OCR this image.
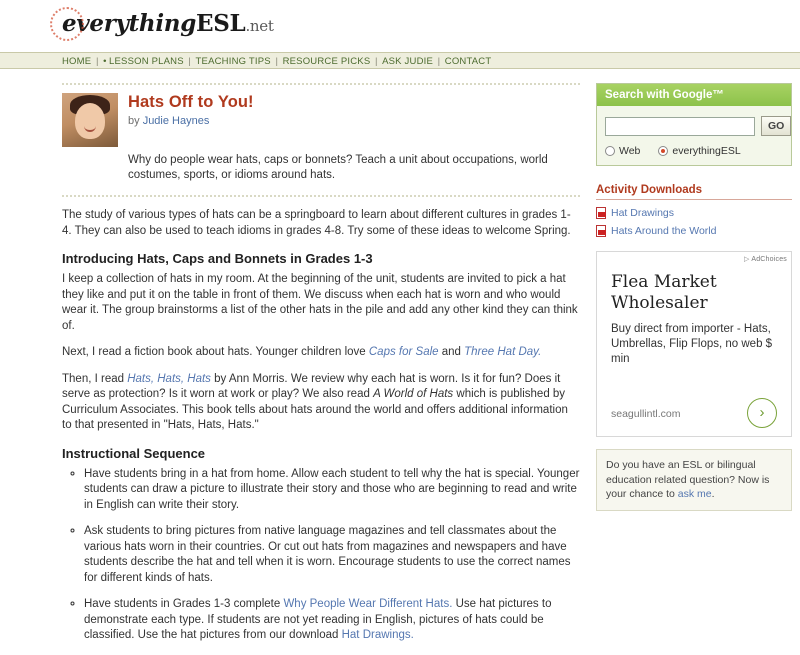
everythingESL.net
HOME | • LESSON PLANS | TEACHING TIPS | RESOURCE PICKS | ASK JUDIE | CONTACT
Hats Off to You!
by Judie Haynes
Why do people wear hats, caps or bonnets? Teach a unit about occupations, world costumes, sports, or idioms around hats.

The study of various types of hats can be a springboard to learn about different cultures in grades 1-4. They can also be used to teach idioms in grades 4-8. Try some of these ideas to welcome Spring.

Introducing Hats, Caps and Bonnets in Grades 1-3

I keep a collection of hats in my room. At the beginning of the unit, students are invited to pick a hat they like and put it on the table in front of them. We discuss when each hat is worn and who would wear it. The group brainstorms a list of the other hats in the pile and add any other kind they can think of.

Next, I read a fiction book about hats. Younger children love Caps for Sale and Three Hat Day.

Then, I read Hats, Hats, Hats by Ann Morris. We review why each hat is worn. Is it for fun? Does it serve as protection? Is it worn at work or play? We also read A World of Hats which is published by Curriculum Associates. This book tells about hats around the world and offers additional information to that presented in "Hats, Hats, Hats."

Instructional Sequence
◦ Have students bring in a hat from home. Allow each student to tell why the hat is special. Younger students can draw a picture to illustrate their story and those who are beginning to read and write in English can write their story.
◦ Ask students to bring pictures from native language magazines and tell classmates about the various hats worn in their countries. Or cut out hats from magazines and newspapers and have students describe the hat and tell when it is worn. Encourage students to use the correct names for different kinds of hats.
◦ Have students in Grades 1-3 complete Why People Wear Different Hats. Use hat pictures to demonstrate each type. If students are not yet reading in English, pictures of hats could be classified. Use the hat pictures from our download Hat Drawings.
Search with Google™
GO
Web	everythingESL
Activity Downloads
Hat Drawings
Hats Around the World
▷ AdChoices
Flea Market
Wholesaler

Buy direct from importer - Hats, Umbrellas, Flip Flops, no web $ min

seagullintl.com	›
Do you have an ESL or bilingual education related question? Now is your chance to ask me.
